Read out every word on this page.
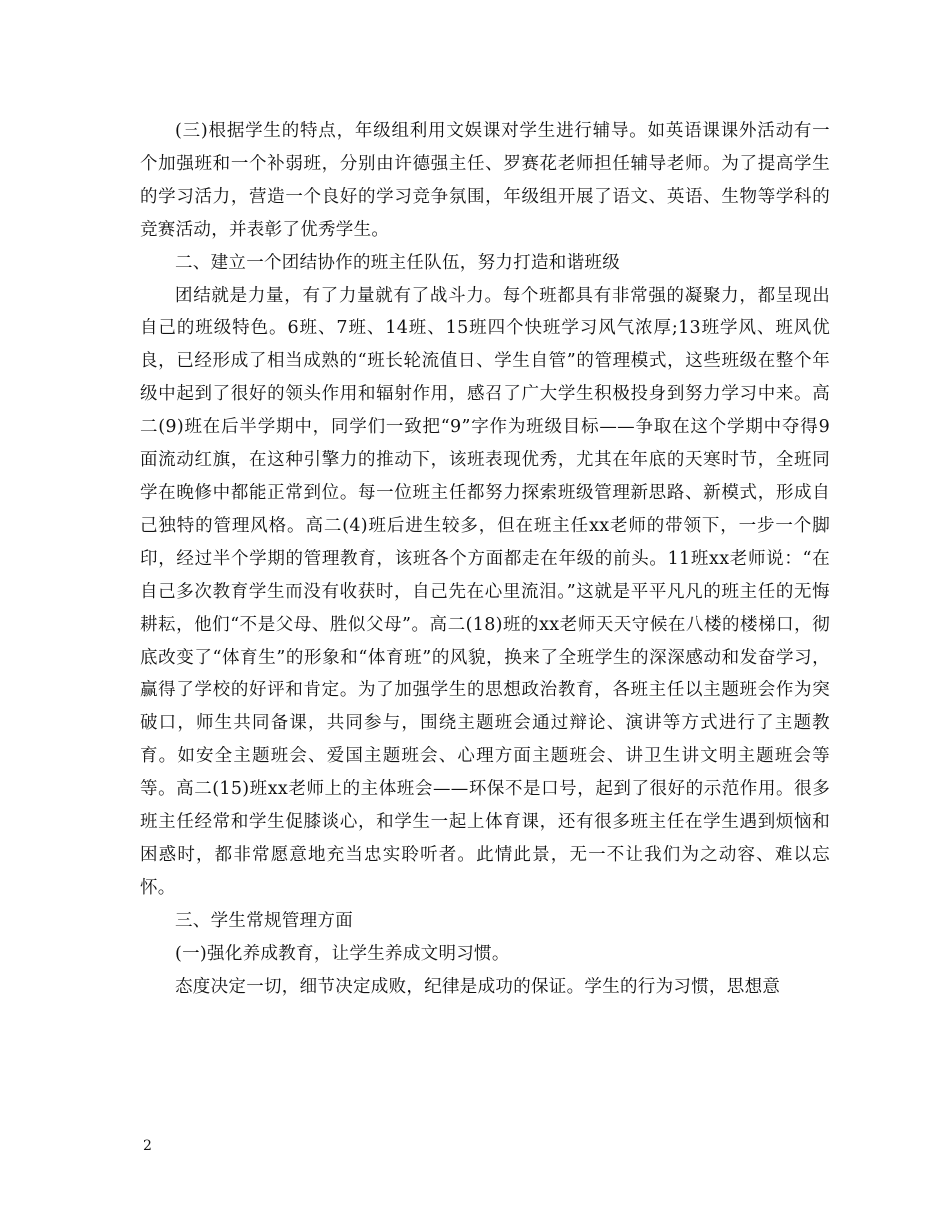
(三)根据学生的特点，年级组利用文娱课对学生进行辅导。如英语课课外活动有一个加强班和一个补弱班，分别由许德强主任、罗赛花老师担任辅导老师。为了提高学生的学习活力，营造一个良好的学习竞争氛围，年级组开展了语文、英语、生物等学科的竞赛活动，并表彰了优秀学生。

二、建立一个团结协作的班主任队伍，努力打造和谐班级

团结就是力量，有了力量就有了战斗力。每个班都具有非常强的凝聚力，都呈现出自己的班级特色。6班、7班、14班、15班四个快班学习风气浓厚;13班学风、班风优良，已经形成了相当成熟的“班长轮流值日、学生自管”的管理模式，这些班级在整个年级中起到了很好的领头作用和辐射作用，感召了广大学生积极投身到努力学习中来。高二(9)班在后半学期中，同学们一致把“9”字作为班级目标——争取在这个学期中夺得9面流动红旗，在这种引擎力的推动下，该班表现优秀，尤其在年底的天寒时节，全班同学在晚修中都能正常到位。每一位班主任都努力探索班级管理新思路、新模式，形成自己独特的管理风格。高二(4)班后进生较多，但在班主任xx老师的带领下，一步一个脚印，经过半个学期的管理教育，该班各个方面都走在年级的前头。11班xx老师说：“在自己多次教育学生而没有收获时，自己先在心里流泪。”这就是平平凡凡的班主任的无悔耕耘，他们“不是父母、胜似父母”。高二(18)班的xx老师天天守候在八楼的楼梯口，彻底改变了“体育生”的形象和“体育班”的风貌，换来了全班学生的深深感动和发奋学习，赢得了学校的好评和肯定。为了加强学生的思想政治教育，各班主任以主题班会作为突破口，师生共同备课，共同参与，围绕主题班会通过辩论、演讲等方式进行了主题教育。如安全主题班会、爱国主题班会、心理方面主题班会、讲卫生讲文明主题班会等等。高二(15)班xx老师上的主体班会——环保不是口号，起到了很好的示范作用。很多班主任经常和学生促膝谈心，和学生一起上体育课，还有很多班主任在学生遇到烦恼和困惑时，都非常愿意地充当忠实聆听者。此情此景，无一不让我们为之动容、难以忘怀。

三、学生常规管理方面

(一)强化养成教育，让学生养成文明习惯。

态度决定一切，细节决定成败，纪律是成功的保证。学生的行为习惯，思想意

2
